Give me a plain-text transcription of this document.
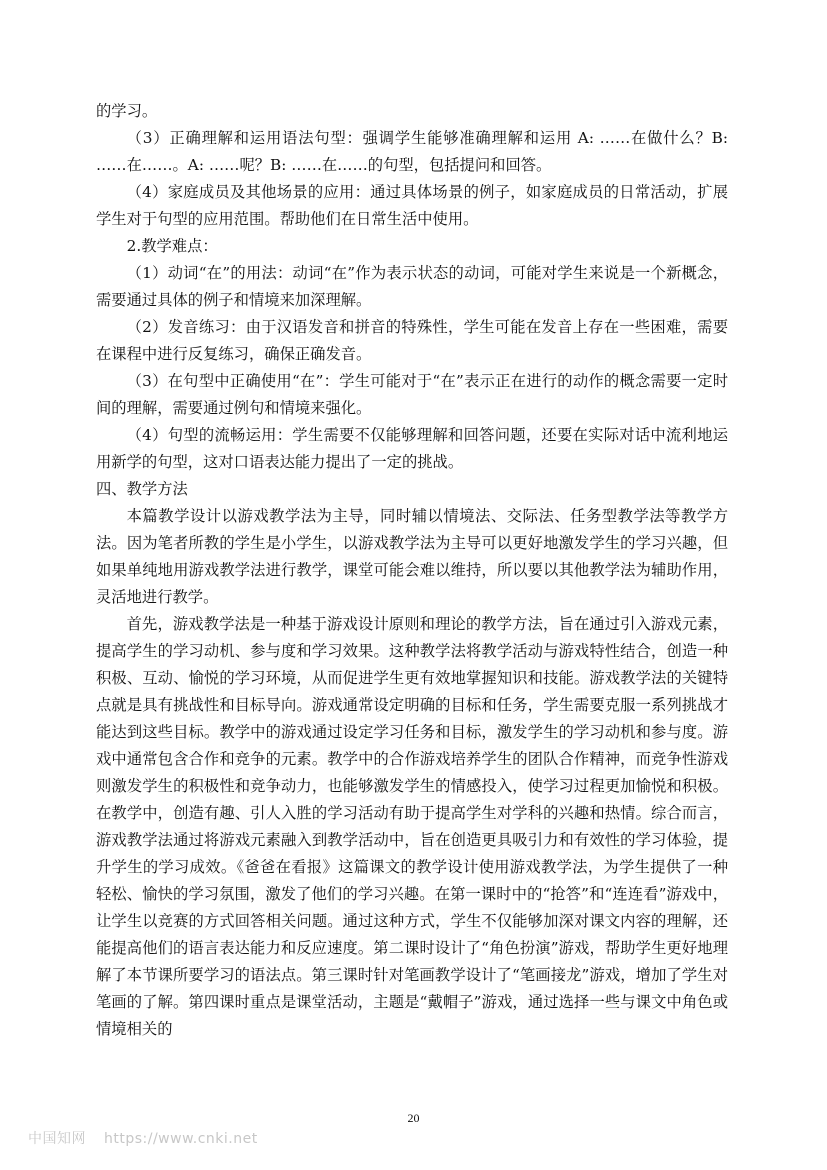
的学习。

（3）正确理解和运用语法句型：强调学生能够准确理解和运用 A: ……在做什么？B: ……在……。A: ……呢？B: ……在……的句型，包括提问和回答。

（4）家庭成员及其他场景的应用：通过具体场景的例子，如家庭成员的日常活动，扩展学生对于句型的应用范围。帮助他们在日常生活中使用。

2.教学难点：

（1）动词“在”的用法：动词“在”作为表示状态的动词，可能对学生来说是一个新概念，需要通过具体的例子和情境来加深理解。

（2）发音练习：由于汉语发音和拼音的特殊性，学生可能在发音上存在一些困难，需要在课程中进行反复练习，确保正确发音。

（3）在句型中正确使用“在”：学生可能对于“在”表示正在进行的动作的概念需要一定时间的理解，需要通过例句和情境来强化。

（4）句型的流畅运用：学生需要不仅能够理解和回答问题，还要在实际对话中流利地运用新学的句型，这对口语表达能力提出了一定的挑战。

四、教学方法

本篇教学设计以游戏教学法为主导，同时辅以情境法、交际法、任务型教学法等教学方法。因为笔者所教的学生是小学生，以游戏教学法为主导可以更好地激发学生的学习兴趣，但如果单纯地用游戏教学法进行教学，课堂可能会难以维持，所以要以其他教学法为辅助作用，灵活地进行教学。

首先，游戏教学法是一种基于游戏设计原则和理论的教学方法，旨在通过引入游戏元素，提高学生的学习动机、参与度和学习效果。这种教学法将教学活动与游戏特性结合，创造一种积极、互动、愉悦的学习环境，从而促进学生更有效地掌握知识和技能。游戏教学法的关键特点就是具有挑战性和目标导向。游戏通常设定明确的目标和任务，学生需要克服一系列挑战才能达到这些目标。教学中的游戏通过设定学习任务和目标，激发学生的学习动机和参与度。游戏中通常包含合作和竞争的元素。教学中的合作游戏培养学生的团队合作精神，而竞争性游戏则激发学生的积极性和竞争动力，也能够激发学生的情感投入，使学习过程更加愉悦和积极。在教学中，创造有趣、引人入胜的学习活动有助于提高学生对学科的兴趣和热情。综合而言，游戏教学法通过将游戏元素融入到教学活动中，旨在创造更具吸引力和有效性的学习体验，提升学生的学习成效。《爸爸在看报》这篇课文的教学设计使用游戏教学法，为学生提供了一种轻松、愉快的学习氛围，激发了他们的学习兴趣。在第一课时中的“抢答”和“连连看”游戏中，让学生以竞赛的方式回答相关问题。通过这种方式，学生不仅能够加深对课文内容的理解，还能提高他们的语言表达能力和反应速度。第二课时设计了“角色扮演”游戏，帮助学生更好地理解了本节课所要学习的语法点。第三课时针对笔画教学设计了“笔画接龙”游戏，增加了学生对笔画的了解。第四课时重点是课堂活动，主题是“戴帽子”游戏，通过选择一些与课文中角色或情境相关的

20
中国知网 https://www.cnki.net
